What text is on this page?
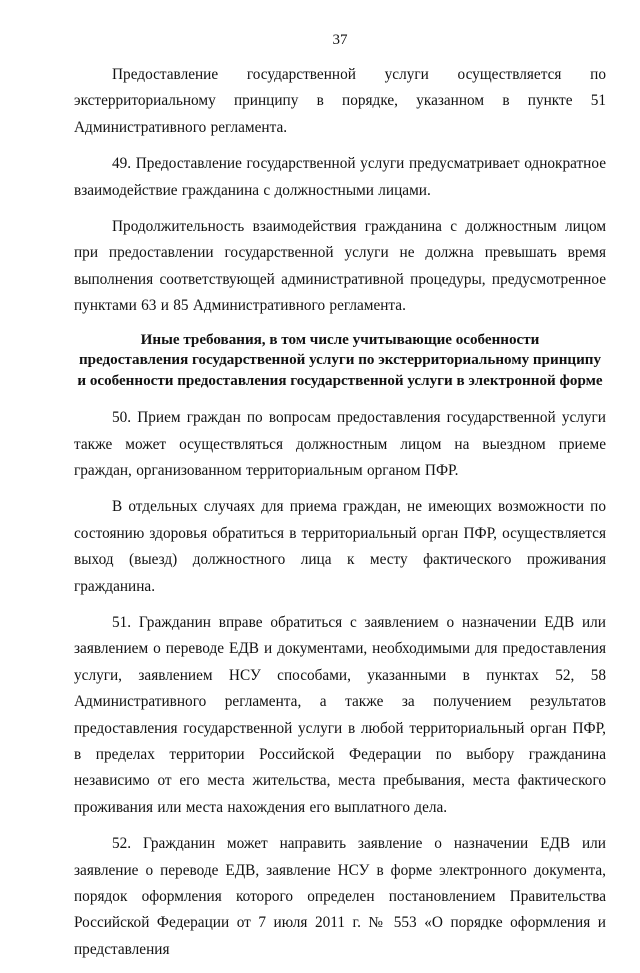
37

Предоставление государственной услуги осуществляется по экстерриториальному принципу в порядке, указанном в пункте 51 Административного регламента.

49. Предоставление государственной услуги предусматривает однократное взаимодействие гражданина с должностными лицами.

Продолжительность взаимодействия гражданина с должностным лицом при предоставлении государственной услуги не должна превышать время выполнения соответствующей административной процедуры, предусмотренное пунктами 63 и 85 Административного регламента.

Иные требования, в том числе учитывающие особенности
предоставления государственной услуги по экстерриториальному принципу
и особенности предоставления государственной услуги в электронной форме

50. Прием граждан по вопросам предоставления государственной услуги также может осуществляться должностным лицом на выездном приеме граждан, организованном территориальным органом ПФР.

В отдельных случаях для приема граждан, не имеющих возможности по состоянию здоровья обратиться в территориальный орган ПФР, осуществляется выход (выезд) должностного лица к месту фактического проживания гражданина.

51. Гражданин вправе обратиться с заявлением о назначении ЕДВ или заявлением о переводе ЕДВ и документами, необходимыми для предоставления услуги, заявлением НСУ способами, указанными в пунктах 52, 58 Административного регламента, а также за получением результатов предоставления государственной услуги в любой территориальный орган ПФР, в пределах территории Российской Федерации по выбору гражданина независимо от его места жительства, места пребывания, места фактического проживания или места нахождения его выплатного дела.

52. Гражданин может направить заявление о назначении ЕДВ или заявление о переводе ЕДВ, заявление НСУ в форме электронного документа, порядок оформления которого определен постановлением Правительства Российской Федерации от 7 июля 2011 г. № 553 «О порядке оформления и представления
